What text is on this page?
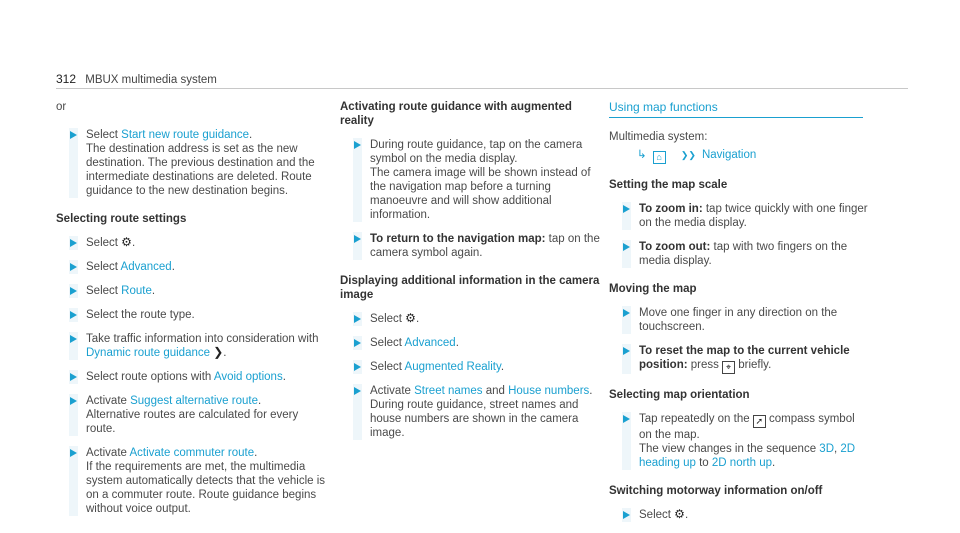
312 MBUX multimedia system
or
Select Start new route guidance.
The destination address is set as the new destination. The previous destination and the intermediate destinations are deleted. Route guidance to the new destination begins.
Selecting route settings
Select ⚙.
Select Advanced.
Select Route.
Select the route type.
Take traffic information into consideration with Dynamic route guidance ❯.
Select route options with Avoid options.
Activate Suggest alternative route.
Alternative routes are calculated for every route.
Activate Activate commuter route.
If the requirements are met, the multimedia system automatically detects that the vehicle is on a commuter route. Route guidance begins without voice output.
Activating route guidance with augmented reality
During route guidance, tap on the camera symbol on the media display.
The camera image will be shown instead of the navigation map before a turning manoeuvre and will show additional information.
To return to the navigation map: tap on the camera symbol again.
Displaying additional information in the camera image
Select ⚙.
Select Advanced.
Select Augmented Reality.
Activate Street names and House numbers.
During route guidance, street names and house numbers are shown in the camera image.
Using map functions
Multimedia system:
↳ ⌂ ❯❯ Navigation
Setting the map scale
To zoom in: tap twice quickly with one finger on the media display.
To zoom out: tap with two fingers on the media display.
Moving the map
Move one finger in any direction on the touchscreen.
To reset the map to the current vehicle position: press ⌖ briefly.
Selecting map orientation
Tap repeatedly on the ➚ compass symbol on the map.
The view changes in the sequence 3D, 2D heading up to 2D north up.
Switching motorway information on/off
Select ⚙.
